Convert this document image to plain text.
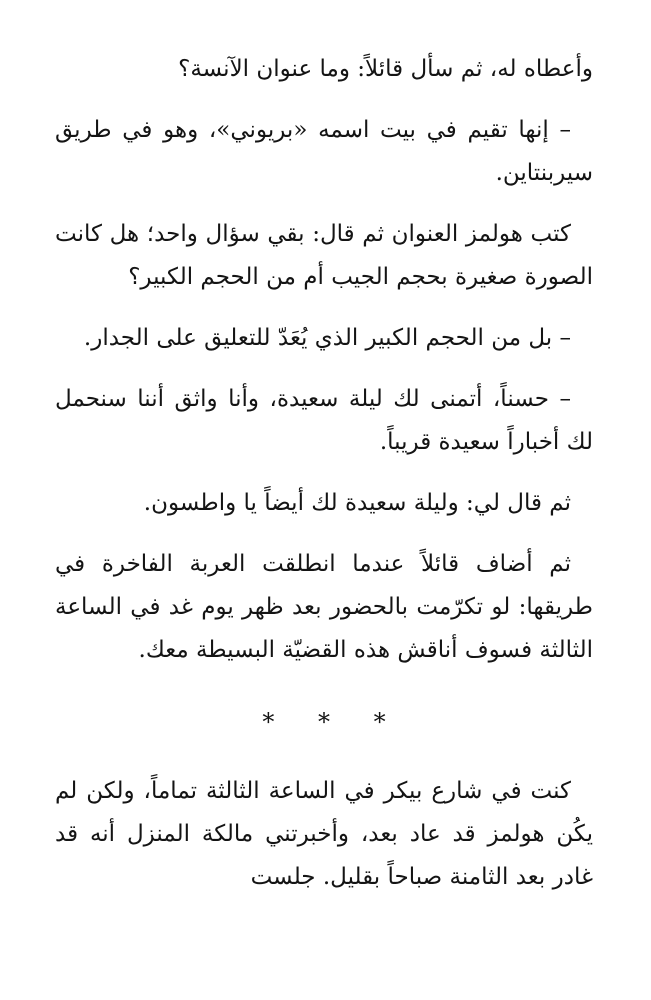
وأعطاه له، ثم سأل قائلاً: وما عنوان الآنسة؟

– إنها تقيم في بيت اسمه «بريوني»، وهو في طريق سيربنتاين.

كتب هولمز العنوان ثم قال: بقي سؤال واحد؛ هل كانت الصورة صغيرة بحجم الجيب أم من الحجم الكبير؟

– بل من الحجم الكبير الذي يُعَدّ للتعليق على الجدار.

– حسناً، أتمنى لك ليلة سعيدة، وأنا واثق أننا سنحمل لك أخباراً سعيدة قريباً.

ثم قال لي: وليلة سعيدة لك أيضاً يا واطسون.

ثم أضاف قائلاً عندما انطلقت العربة الفاخرة في طريقها: لو تكرّمت بالحضور بعد ظهر يوم غد في الساعة الثالثة فسوف أناقش هذه القضيّة البسيطة معك.

* * *

كنت في شارع بيكر في الساعة الثالثة تماماً، ولكن لم يكُن هولمز قد عاد بعد، وأخبرتني مالكة المنزل أنه قد غادر بعد الثامنة صباحاً بقليل. جلست
